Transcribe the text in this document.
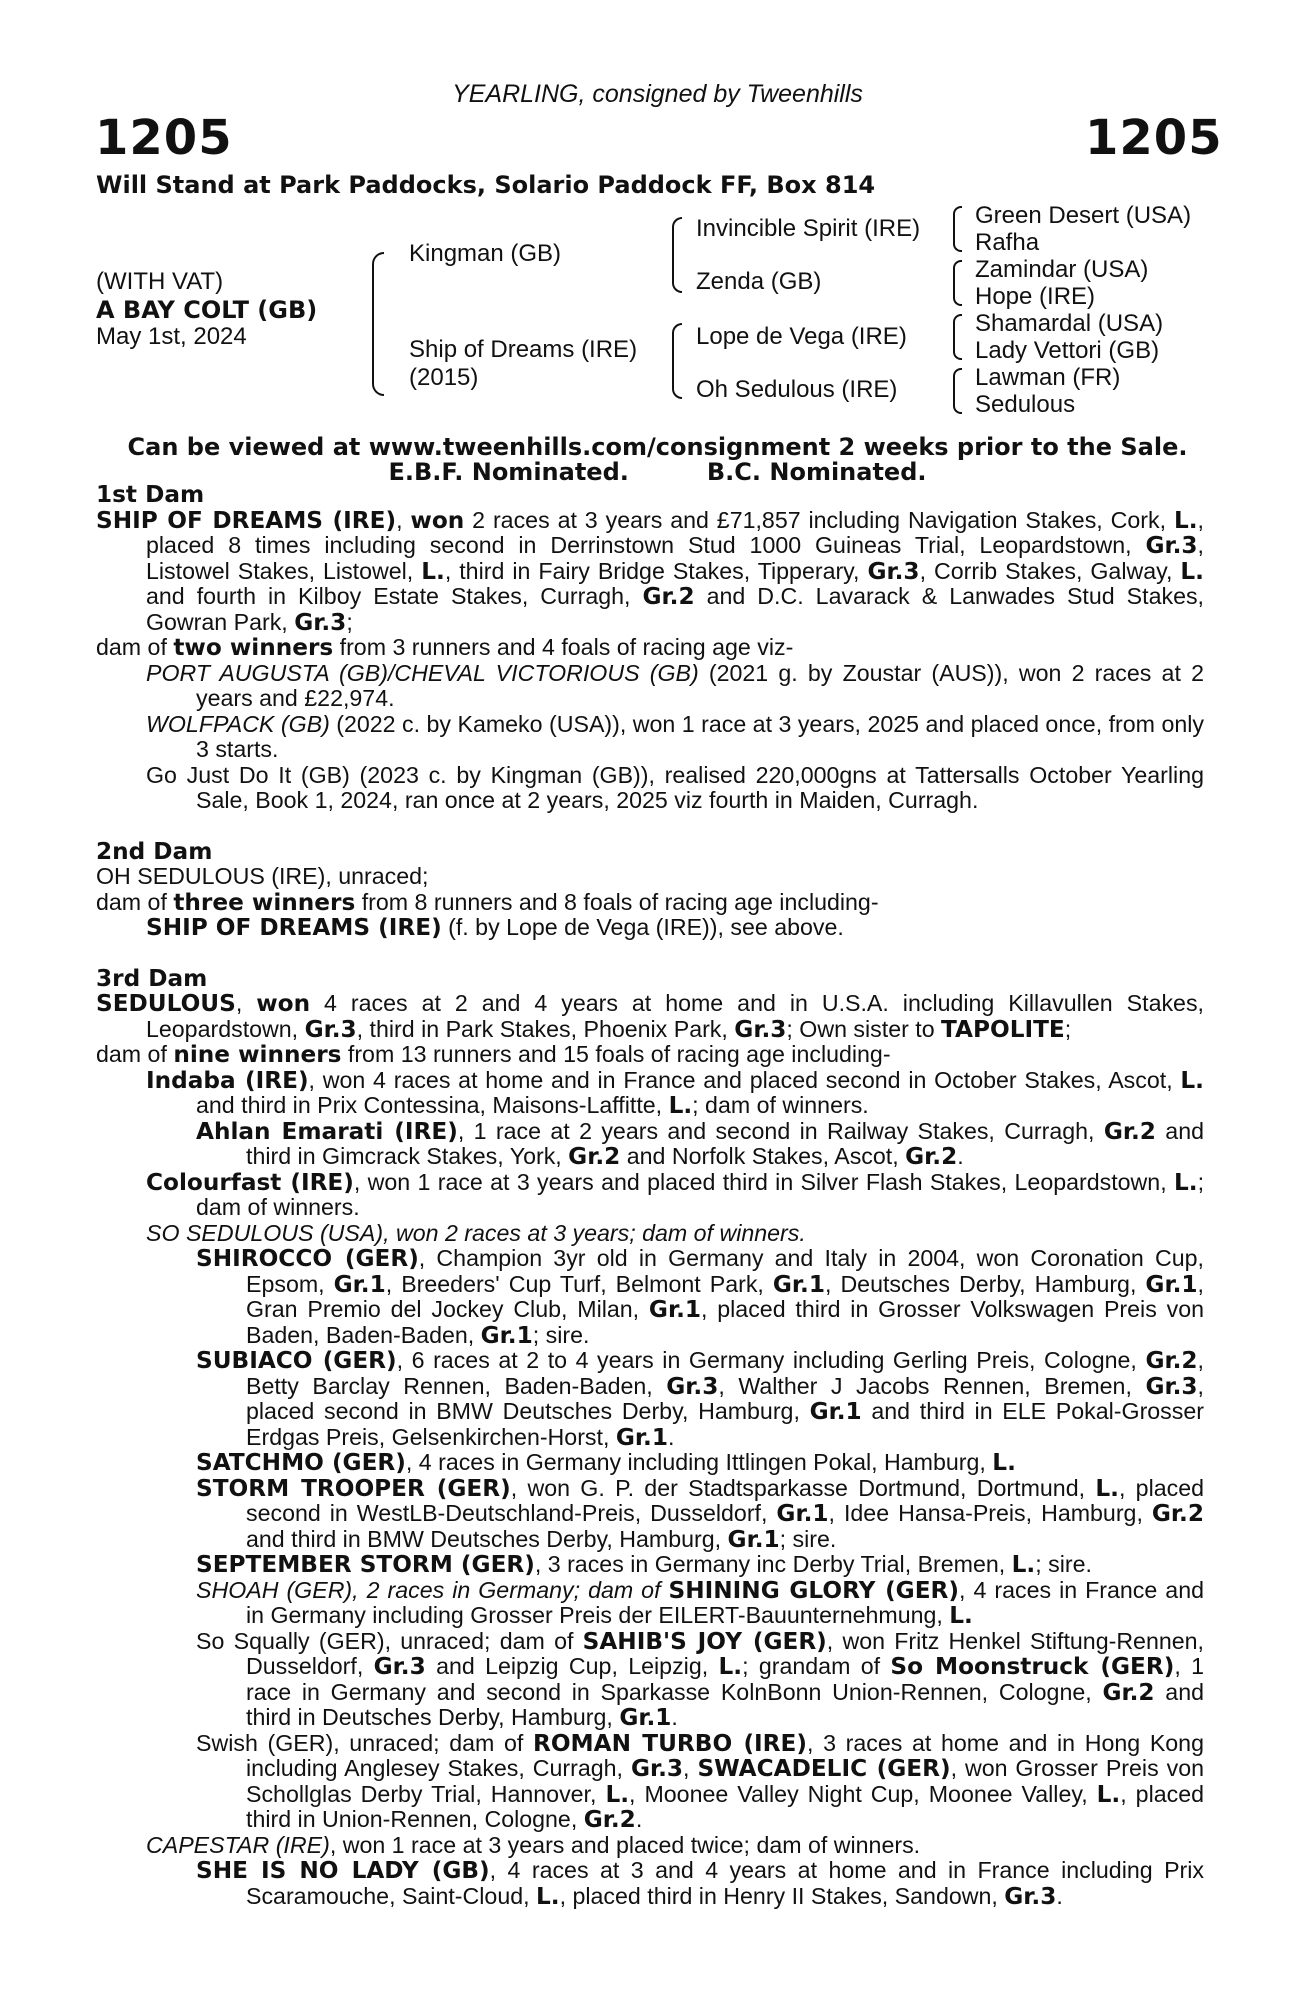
YEARLING, consigned by Tweenhills
1205	1205
Will Stand at Park Paddocks, Solario Paddock FF, Box 814
(WITH VAT)
A BAY COLT (GB)
May 1st, 2024
Kingman (GB)
Ship of Dreams (IRE)
(2015)
Invincible Spirit (IRE)
Zenda (GB)
Lope de Vega (IRE)
Oh Sedulous (IRE)
Green Desert (USA)
Rafha
Zamindar (USA)
Hope (IRE)
Shamardal (USA)
Lady Vettori (GB)
Lawman (FR)
Sedulous
Can be viewed at www.tweenhills.com/consignment 2 weeks prior to the Sale.
E.B.F. Nominated.	B.C. Nominated.

1st Dam

SHIP OF DREAMS (IRE), won 2 races at 3 years and £71,857 including Navigation Stakes, Cork, L., placed 8 times including second in Derrinstown Stud 1000 Guineas Trial, Leopardstown, Gr.3, Listowel Stakes, Listowel, L., third in Fairy Bridge Stakes, Tipperary, Gr.3, Corrib Stakes, Galway, L. and fourth in Kilboy Estate Stakes, Curragh, Gr.2 and D.C. Lavarack & Lanwades Stud Stakes, Gowran Park, Gr.3;

dam of two winners from 3 runners and 4 foals of racing age viz-

PORT AUGUSTA (GB)/CHEVAL VICTORIOUS (GB) (2021 g. by Zoustar (AUS)), won 2 races at 2 years and £22,974.

WOLFPACK (GB) (2022 c. by Kameko (USA)), won 1 race at 3 years, 2025 and placed once, from only 3 starts.

Go Just Do It (GB) (2023 c. by Kingman (GB)), realised 220,000gns at Tattersalls October Yearling Sale, Book 1, 2024, ran once at 2 years, 2025 viz fourth in Maiden, Curragh.

2nd Dam

OH SEDULOUS (IRE), unraced;

dam of three winners from 8 runners and 8 foals of racing age including-

SHIP OF DREAMS (IRE) (f. by Lope de Vega (IRE)), see above.

3rd Dam

SEDULOUS, won 4 races at 2 and 4 years at home and in U.S.A. including Killavullen Stakes, Leopardstown, Gr.3, third in Park Stakes, Phoenix Park, Gr.3; Own sister to TAPOLITE;

dam of nine winners from 13 runners and 15 foals of racing age including-

Indaba (IRE), won 4 races at home and in France and placed second in October Stakes, Ascot, L. and third in Prix Contessina, Maisons-Laffitte, L.; dam of winners.

Ahlan Emarati (IRE), 1 race at 2 years and second in Railway Stakes, Curragh, Gr.2 and third in Gimcrack Stakes, York, Gr.2 and Norfolk Stakes, Ascot, Gr.2.

Colourfast (IRE), won 1 race at 3 years and placed third in Silver Flash Stakes, Leopardstown, L.; dam of winners.

SO SEDULOUS (USA), won 2 races at 3 years; dam of winners.

SHIROCCO (GER), Champion 3yr old in Germany and Italy in 2004, won Coronation Cup, Epsom, Gr.1, Breeders' Cup Turf, Belmont Park, Gr.1, Deutsches Derby, Hamburg, Gr.1, Gran Premio del Jockey Club, Milan, Gr.1, placed third in Grosser Volkswagen Preis von Baden, Baden-Baden, Gr.1; sire.

SUBIACO (GER), 6 races at 2 to 4 years in Germany including Gerling Preis, Cologne, Gr.2, Betty Barclay Rennen, Baden-Baden, Gr.3, Walther J Jacobs Rennen, Bremen, Gr.3, placed second in BMW Deutsches Derby, Hamburg, Gr.1 and third in ELE Pokal-Grosser Erdgas Preis, Gelsenkirchen-Horst, Gr.1.

SATCHMO (GER), 4 races in Germany including Ittlingen Pokal, Hamburg, L.

STORM TROOPER (GER), won G. P. der Stadtsparkasse Dortmund, Dortmund, L., placed second in WestLB-Deutschland-Preis, Dusseldorf, Gr.1, Idee Hansa-Preis, Hamburg, Gr.2 and third in BMW Deutsches Derby, Hamburg, Gr.1; sire.

SEPTEMBER STORM (GER), 3 races in Germany inc Derby Trial, Bremen, L.; sire.

SHOAH (GER), 2 races in Germany; dam of SHINING GLORY (GER), 4 races in France and in Germany including Grosser Preis der EILERT-Bauunternehmung, L.

So Squally (GER), unraced; dam of SAHIB'S JOY (GER), won Fritz Henkel Stiftung-Rennen, Dusseldorf, Gr.3 and Leipzig Cup, Leipzig, L.; grandam of So Moonstruck (GER), 1 race in Germany and second in Sparkasse KolnBonn Union-Rennen, Cologne, Gr.2 and third in Deutsches Derby, Hamburg, Gr.1.

Swish (GER), unraced; dam of ROMAN TURBO (IRE), 3 races at home and in Hong Kong including Anglesey Stakes, Curragh, Gr.3, SWACADELIC (GER), won Grosser Preis von Schollglas Derby Trial, Hannover, L., Moonee Valley Night Cup, Moonee Valley, L., placed third in Union-Rennen, Cologne, Gr.2.

CAPESTAR (IRE), won 1 race at 3 years and placed twice; dam of winners.

SHE IS NO LADY (GB), 4 races at 3 and 4 years at home and in France including Prix Scaramouche, Saint-Cloud, L., placed third in Henry II Stakes, Sandown, Gr.3.
